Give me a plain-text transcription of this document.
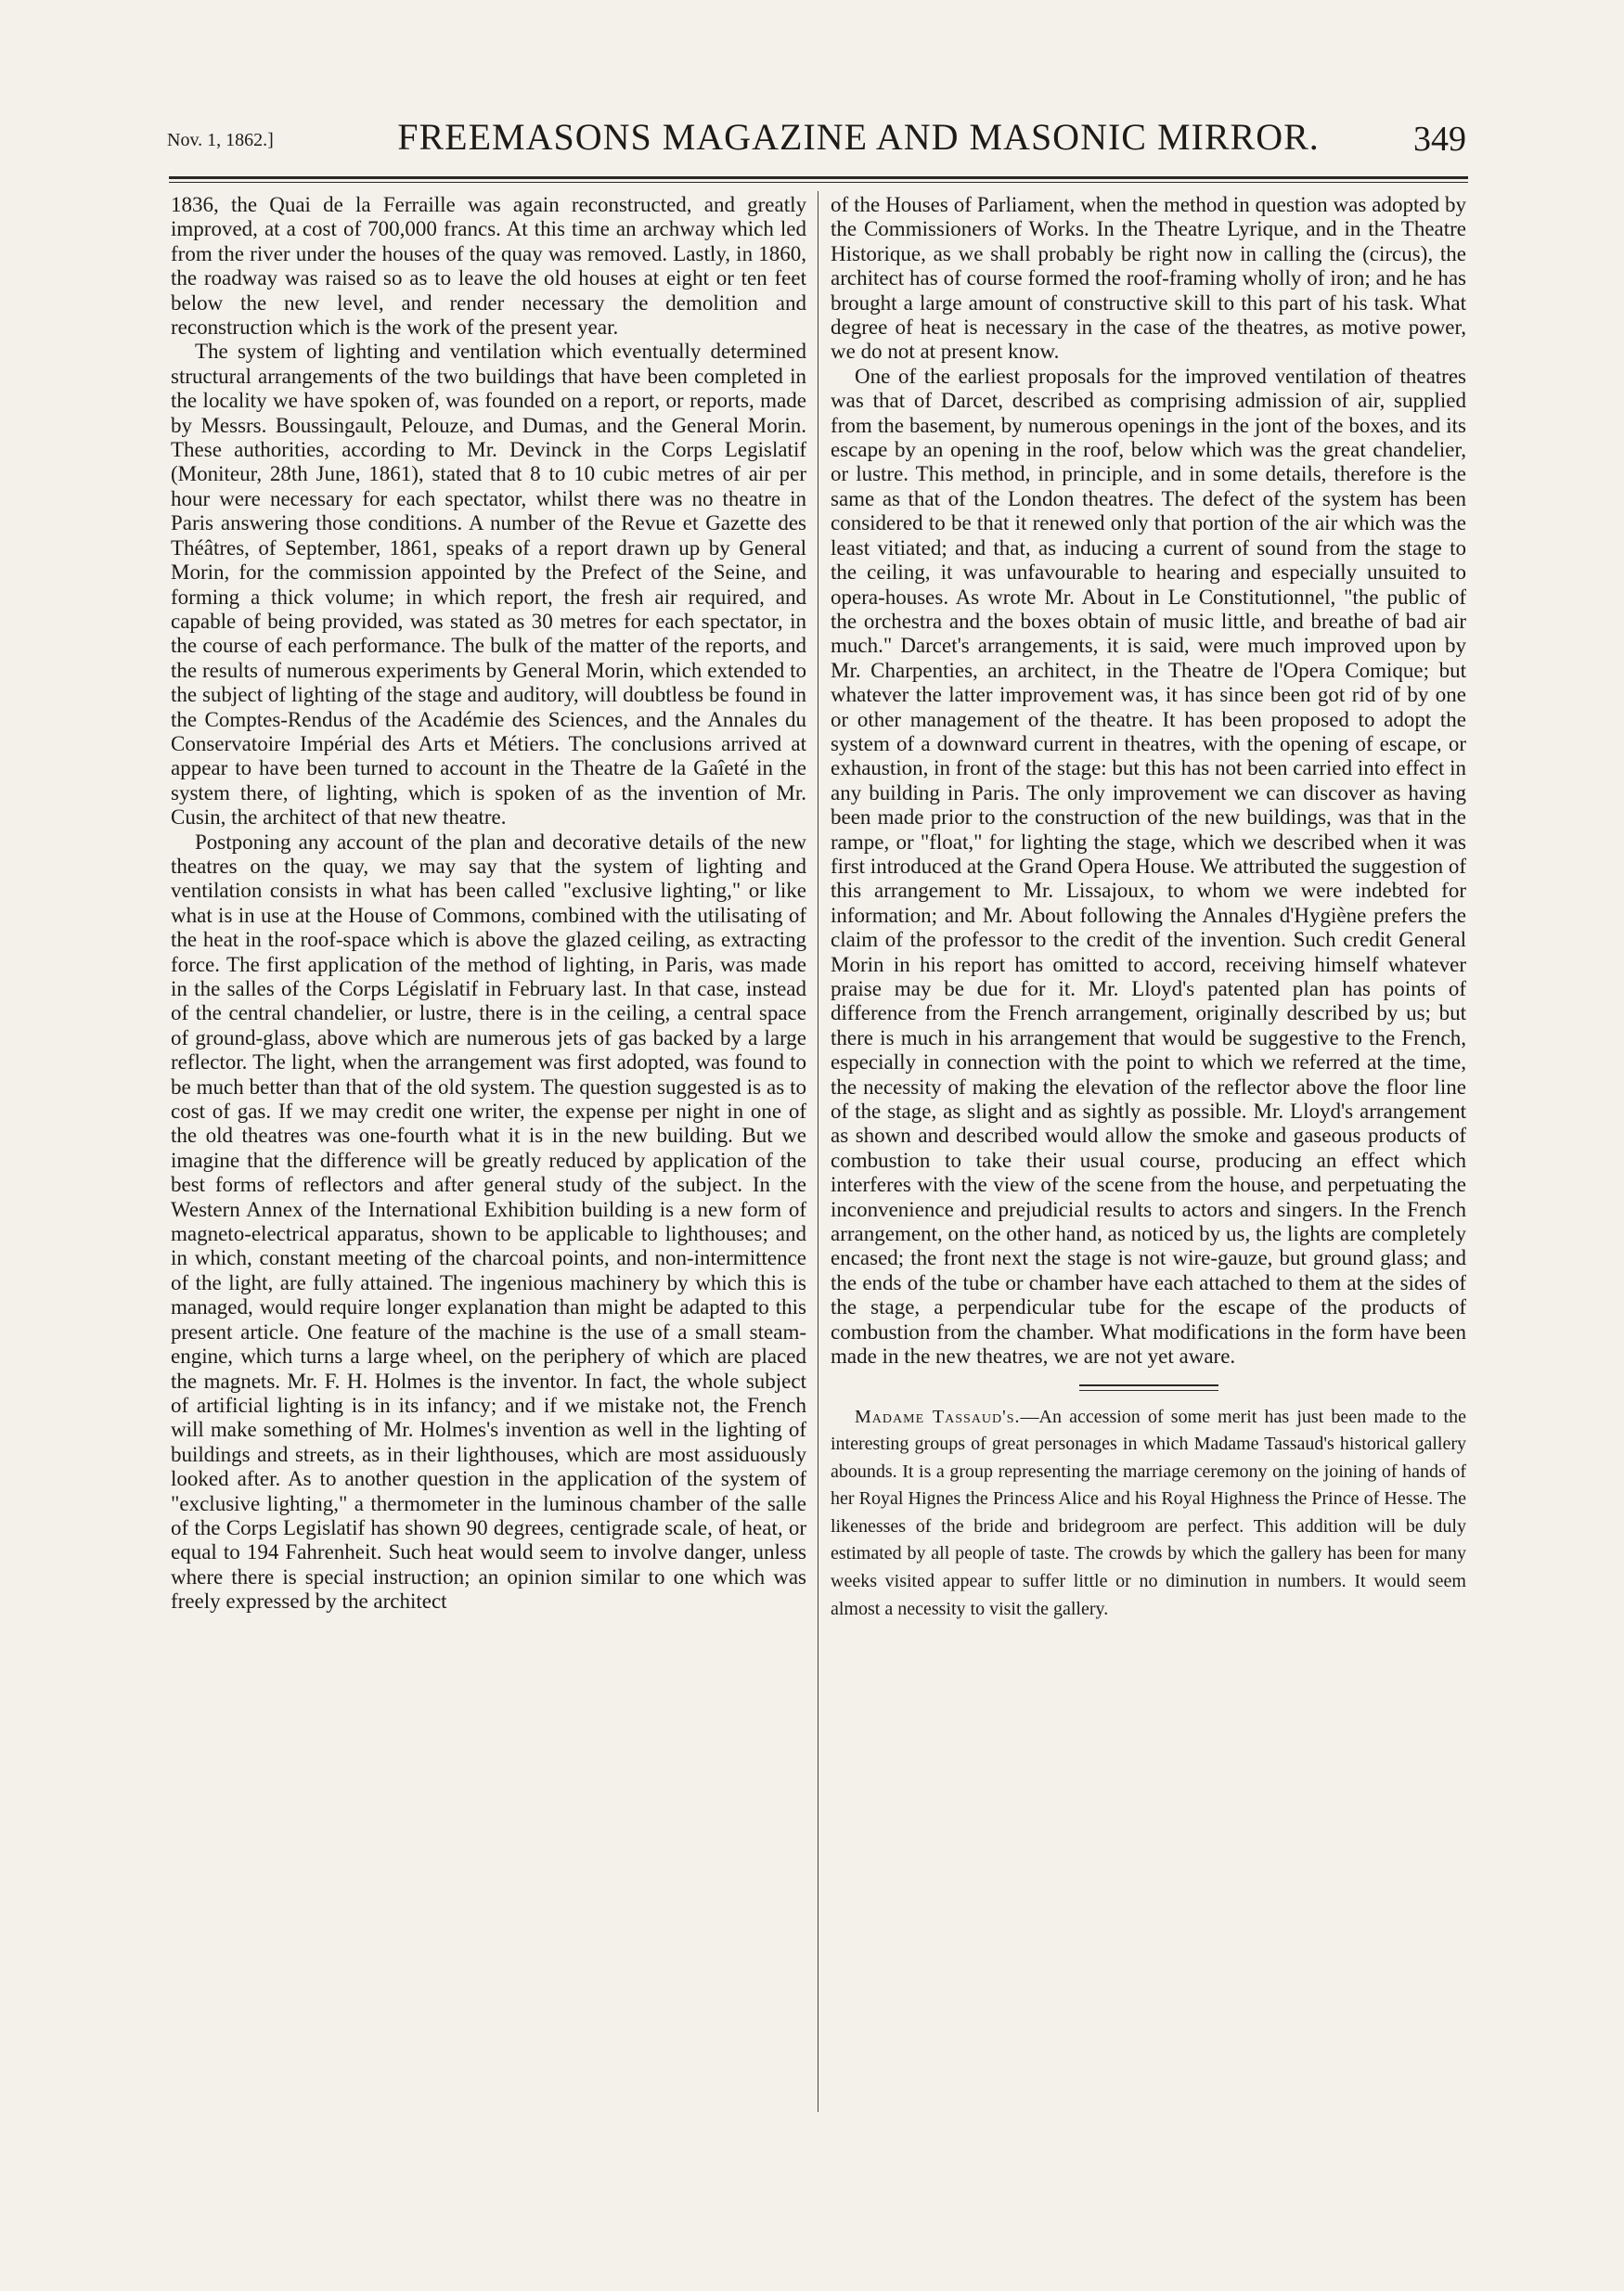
Nov. 1, 1862.]	FREEMASONS MAGAZINE AND MASONIC MIRROR.	349

1836, the Quai de la Ferraille was again reconstructed, and greatly improved, at a cost of 700,000 francs. At this time an archway which led from the river under the houses of the quay was removed. Lastly, in 1860, the roadway was raised so as to leave the old houses at eight or ten feet below the new level, and render necessary the demolition and reconstruction which is the work of the present year.

The system of lighting and ventilation which eventually determined structural arrangements of the two buildings that have been completed in the locality we have spoken of, was founded on a report, or reports, made by Messrs. Boussingault, Pelouze, and Dumas, and the General Morin. These authorities, according to Mr. Devinck in the Corps Legislatif (Moniteur, 28th June, 1861), stated that 8 to 10 cubic metres of air per hour were necessary for each spectator, whilst there was no theatre in Paris answering those conditions. A number of the Revue et Gazette des Théâtres, of September, 1861, speaks of a report drawn up by General Morin, for the commission appointed by the Prefect of the Seine, and forming a thick volume; in which report, the fresh air required, and capable of being provided, was stated as 30 metres for each spectator, in the course of each performance. The bulk of the matter of the reports, and the results of numerous experiments by General Morin, which extended to the subject of lighting of the stage and auditory, will doubtless be found in the Comptes-Rendus of the Académie des Sciences, and the Annales du Conservatoire Impérial des Arts et Métiers. The conclusions arrived at appear to have been turned to account in the Theatre de la Gaîeté in the system there, of lighting, which is spoken of as the invention of Mr. Cusin, the architect of that new theatre.

Postponing any account of the plan and decorative details of the new theatres on the quay, we may say that the system of lighting and ventilation consists in what has been called "exclusive lighting," or like what is in use at the House of Commons, combined with the utilisating of the heat in the roof-space which is above the glazed ceiling, as extracting force. The first application of the method of lighting, in Paris, was made in the salles of the Corps Législatif in February last. In that case, instead of the central chandelier, or lustre, there is in the ceiling, a central space of ground-glass, above which are numerous jets of gas backed by a large reflector. The light, when the arrangement was first adopted, was found to be much better than that of the old system. The question suggested is as to cost of gas. If we may credit one writer, the expense per night in one of the old theatres was one-fourth what it is in the new building. But we imagine that the difference will be greatly reduced by application of the best forms of reflectors and after general study of the subject. In the Western Annex of the International Exhibition building is a new form of magneto-electrical apparatus, shown to be applicable to lighthouses; and in which, constant meeting of the charcoal points, and non-intermittence of the light, are fully attained. The ingenious machinery by which this is managed, would require longer explanation than might be adapted to this present article. One feature of the machine is the use of a small steam-engine, which turns a large wheel, on the periphery of which are placed the magnets. Mr. F. H. Holmes is the inventor. In fact, the whole subject of artificial lighting is in its infancy; and if we mistake not, the French will make something of Mr. Holmes's invention as well in the lighting of buildings and streets, as in their lighthouses, which are most assiduously looked after. As to another question in the application of the system of "exclusive lighting," a thermometer in the luminous chamber of the salle of the Corps Legislatif has shown 90 degrees, centigrade scale, of heat, or equal to 194 Fahrenheit. Such heat would seem to involve danger, unless where there is special instruction; an opinion similar to one which was freely expressed by the architect

of the Houses of Parliament, when the method in question was adopted by the Commissioners of Works. In the Theatre Lyrique, and in the Theatre Historique, as we shall probably be right now in calling the (circus), the architect has of course formed the roof-framing wholly of iron; and he has brought a large amount of constructive skill to this part of his task. What degree of heat is necessary in the case of the theatres, as motive power, we do not at present know.

One of the earliest proposals for the improved ventilation of theatres was that of Darcet, described as comprising admission of air, supplied from the basement, by numerous openings in the jont of the boxes, and its escape by an opening in the roof, below which was the great chandelier, or lustre. This method, in principle, and in some details, therefore is the same as that of the London theatres. The defect of the system has been considered to be that it renewed only that portion of the air which was the least vitiated; and that, as inducing a current of sound from the stage to the ceiling, it was unfavourable to hearing and especially unsuited to opera-houses. As wrote Mr. About in Le Constitutionnel, "the public of the orchestra and the boxes obtain of music little, and breathe of bad air much." Darcet's arrangements, it is said, were much improved upon by Mr. Charpenties, an architect, in the Theatre de l'Opera Comique; but whatever the latter improvement was, it has since been got rid of by one or other management of the theatre. It has been proposed to adopt the system of a downward current in theatres, with the opening of escape, or exhaustion, in front of the stage: but this has not been carried into effect in any building in Paris. The only improvement we can discover as having been made prior to the construction of the new buildings, was that in the rampe, or "float," for lighting the stage, which we described when it was first introduced at the Grand Opera House. We attributed the suggestion of this arrangement to Mr. Lissajoux, to whom we were indebted for information; and Mr. About following the Annales d'Hygiène prefers the claim of the professor to the credit of the invention. Such credit General Morin in his report has omitted to accord, receiving himself whatever praise may be due for it. Mr. Lloyd's patented plan has points of difference from the French arrangement, originally described by us; but there is much in his arrangement that would be suggestive to the French, especially in connection with the point to which we referred at the time, the necessity of making the elevation of the reflector above the floor line of the stage, as slight and as sightly as possible. Mr. Lloyd's arrangement as shown and described would allow the smoke and gaseous products of combustion to take their usual course, producing an effect which interferes with the view of the scene from the house, and perpetuating the inconvenience and prejudicial results to actors and singers. In the French arrangement, on the other hand, as noticed by us, the lights are completely encased; the front next the stage is not wire-gauze, but ground glass; and the ends of the tube or chamber have each attached to them at the sides of the stage, a perpendicular tube for the escape of the products of combustion from the chamber. What modifications in the form have been made in the new theatres, we are not yet aware.

Madame Tassaud's.—An accession of some merit has just been made to the interesting groups of great personages in which Madame Tassaud's historical gallery abounds. It is a group representing the marriage ceremony on the joining of hands of her Royal Hignes the Princess Alice and his Royal Highness the Prince of Hesse. The likenesses of the bride and bridegroom are perfect. This addition will be duly estimated by all people of taste. The crowds by which the gallery has been for many weeks visited appear to suffer little or no diminution in numbers. It would seem almost a necessity to visit the gallery.
